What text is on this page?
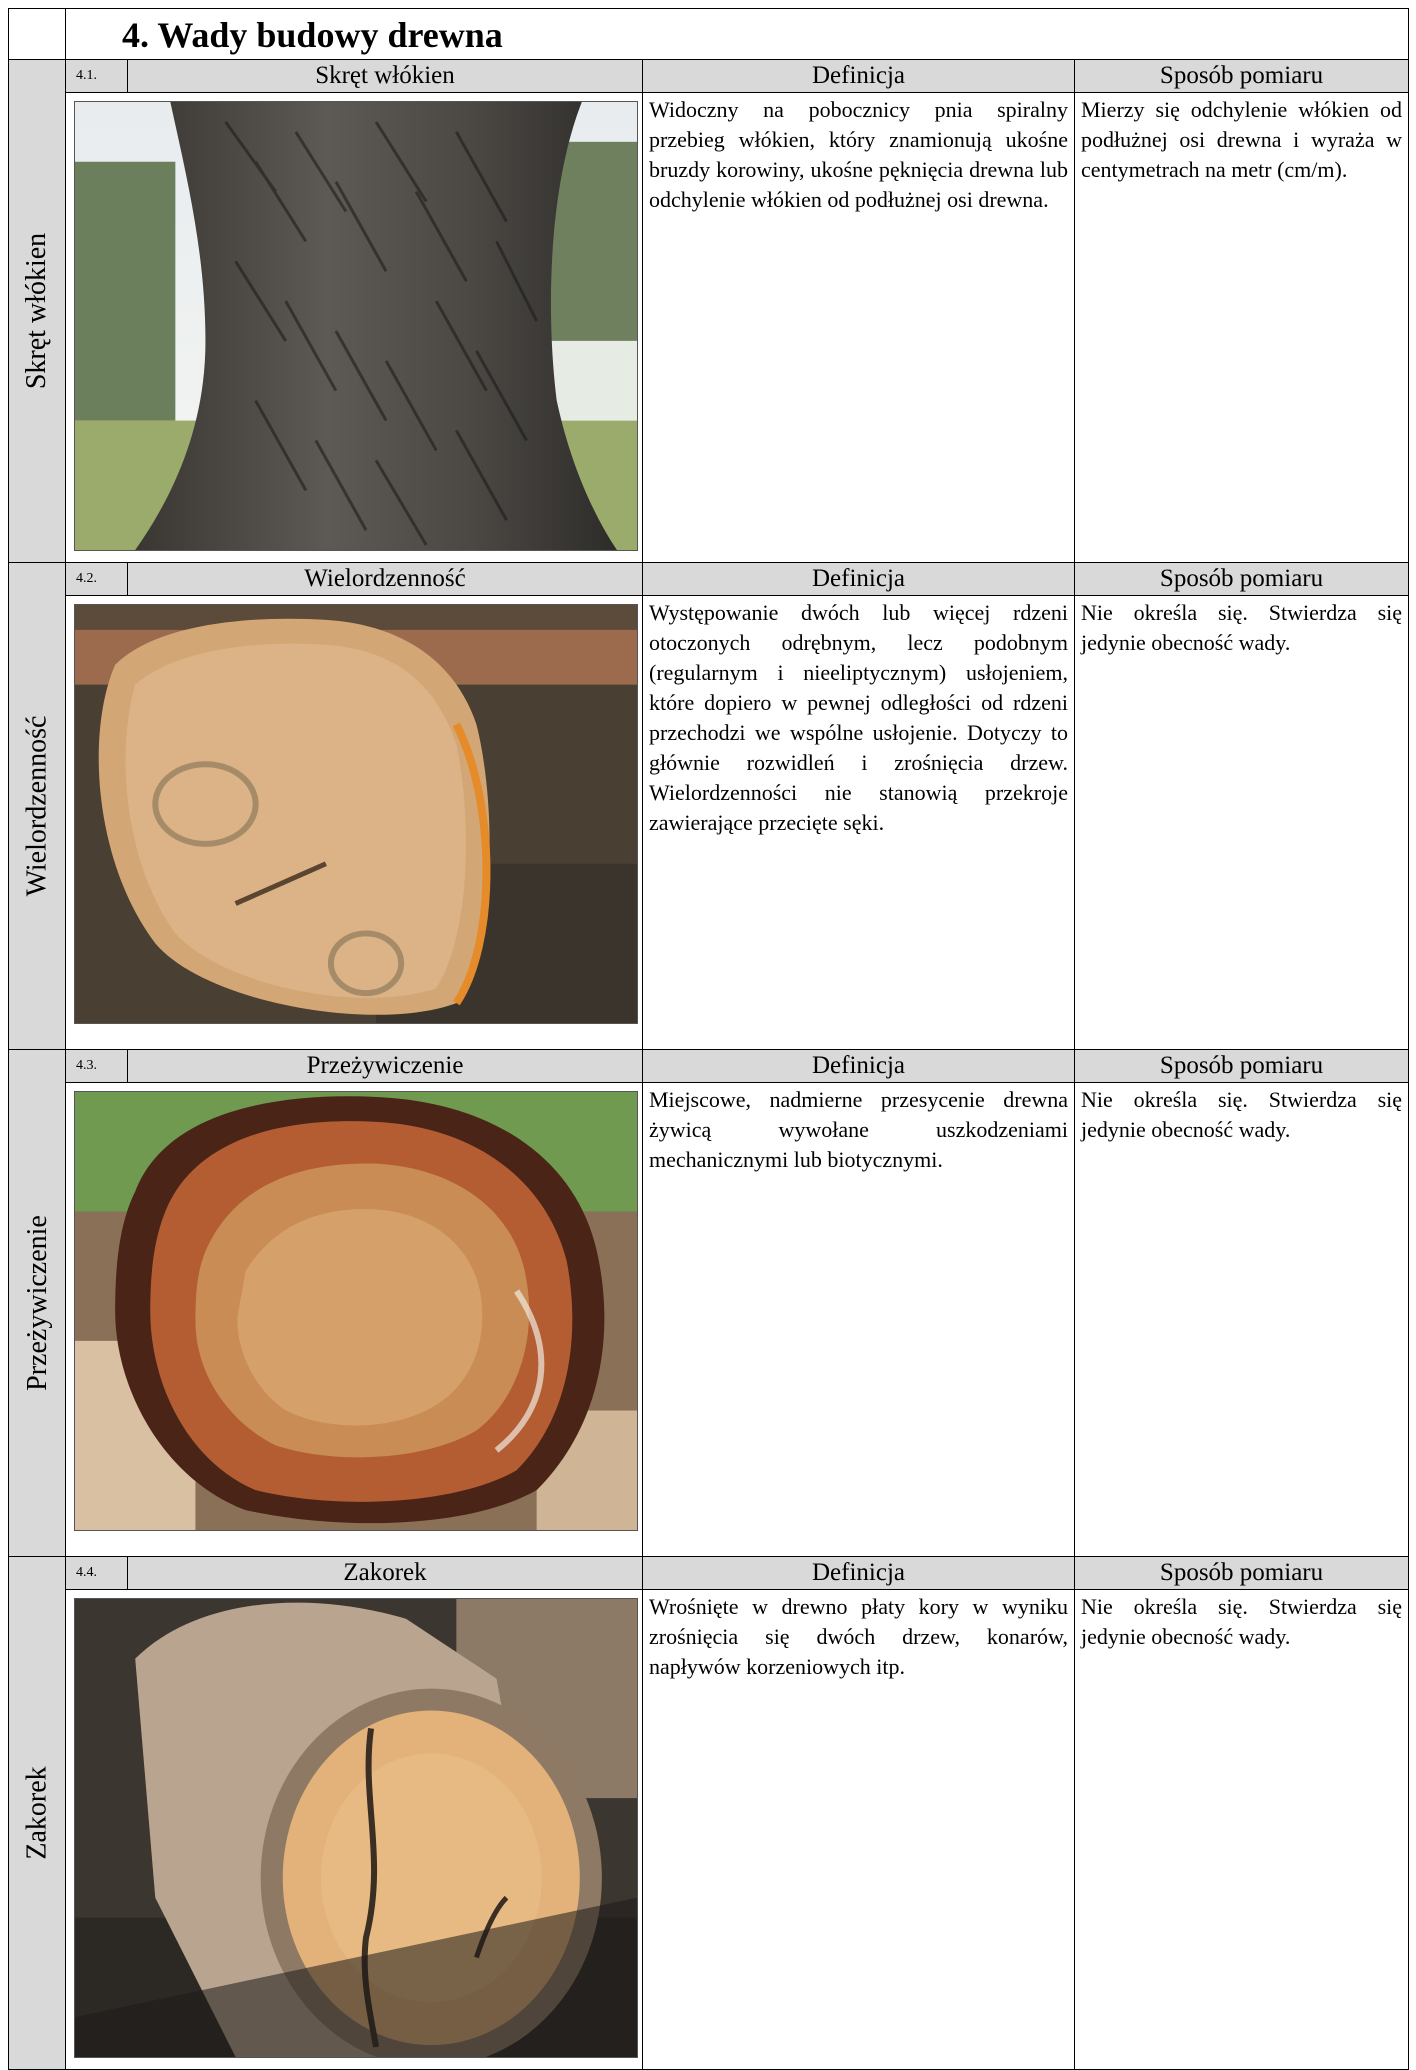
	4. Wady budowy drewna			

Skręt włókien	4.1.	Skręt włókien	Definicja	Sposób pomiaru
	Widoczny na pobocznicy pnia spiralny przebieg włókien, który znamionują ukośne bruzdy korowiny, ukośne pęknięcia drewna lub odchylenie włókien od podłużnej osi drewna.	Mierzy się odchylenie włókien od podłużnej osi drewna i wyraża w centymetrach na metr (cm/m).

Wielordzenność	4.2.	Wielordzenność	Definicja	Sposób pomiaru
	Występowanie dwóch lub więcej rdzeni otoczonych odrębnym, lecz podobnym (regularnym i nieeliptycznym) usłojeniem, które dopiero w pewnej odległości od rdzeni przechodzi we wspólne usłojenie. Dotyczy to głównie rozwidleń i zrośnięcia drzew. Wielordzenności nie stanowią przekroje zawierające przecięte sęki.	Nie określa się. Stwierdza się jedynie obecność wady.

Przeżywiczenie	4.3.	Przeżywiczenie	Definicja	Sposób pomiaru
	Miejscowe, nadmierne przesycenie drewna żywicą wywołane uszkodzeniami mechanicznymi lub biotycznymi.	Nie określa się. Stwierdza się jedynie obecność wady.

Zakorek	4.4.	Zakorek	Definicja	Sposób pomiaru
	Wrośnięte w drewno płaty kory w wyniku zrośnięcia się dwóch drzew, konarów, napływów korzeniowych itp.	Nie określa się. Stwierdza się jedynie obecność wady.
